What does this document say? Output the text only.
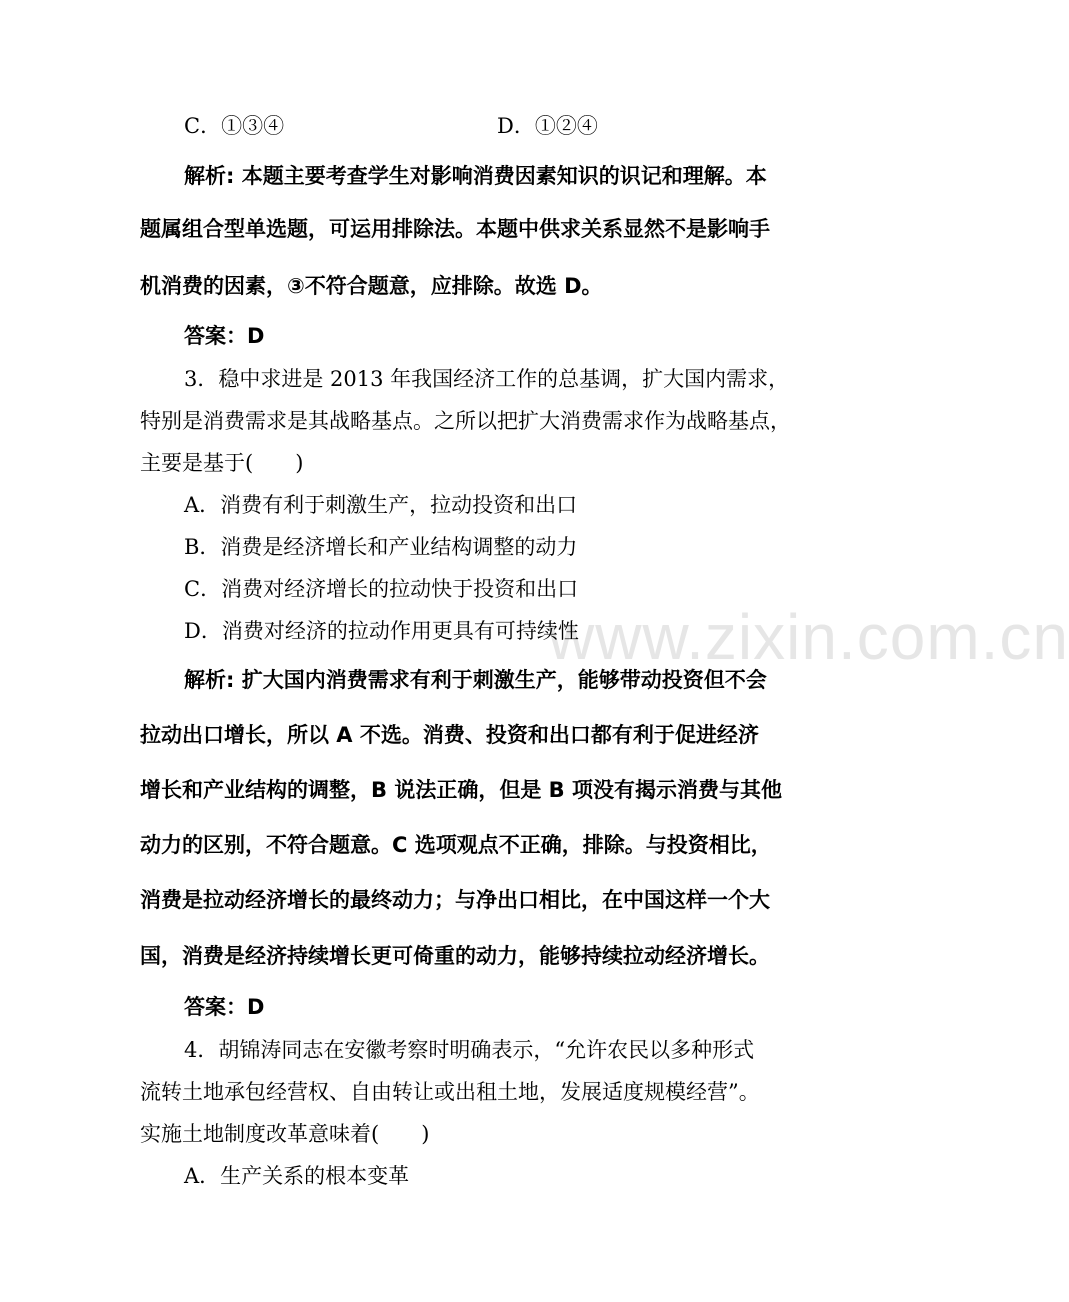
www.zixin.com.cn
C．①③④	D．①②④
解析: 本题主要考查学生对影响消费因素知识的识记和理解。本
题属组合型单选题，可运用排除法。本题中供求关系显然不是影响手
机消费的因素，③不符合题意，应排除。故选 D。
答案：D
3．稳中求进是 2013 年我国经济工作的总基调，扩大国内需求，
特别是消费需求是其战略基点。之所以把扩大消费需求作为战略基点，
主要是基于(　　)
A．消费有利于刺激生产，拉动投资和出口
B．消费是经济增长和产业结构调整的动力
C．消费对经济增长的拉动快于投资和出口
D．消费对经济的拉动作用更具有可持续性
解析: 扩大国内消费需求有利于刺激生产，能够带动投资但不会
拉动出口增长，所以 A 不选。消费、投资和出口都有利于促进经济
增长和产业结构的调整，B 说法正确，但是 B 项没有揭示消费与其他
动力的区别，不符合题意。C 选项观点不正确，排除。与投资相比，
消费是拉动经济增长的最终动力；与净出口相比，在中国这样一个大
国，消费是经济持续增长更可倚重的动力，能够持续拉动经济增长。
答案：D
4．胡锦涛同志在安徽考察时明确表示，“允许农民以多种形式
流转土地承包经营权、自由转让或出租土地，发展适度规模经营”。
实施土地制度改革意味着(　　)
A．生产关系的根本变革
